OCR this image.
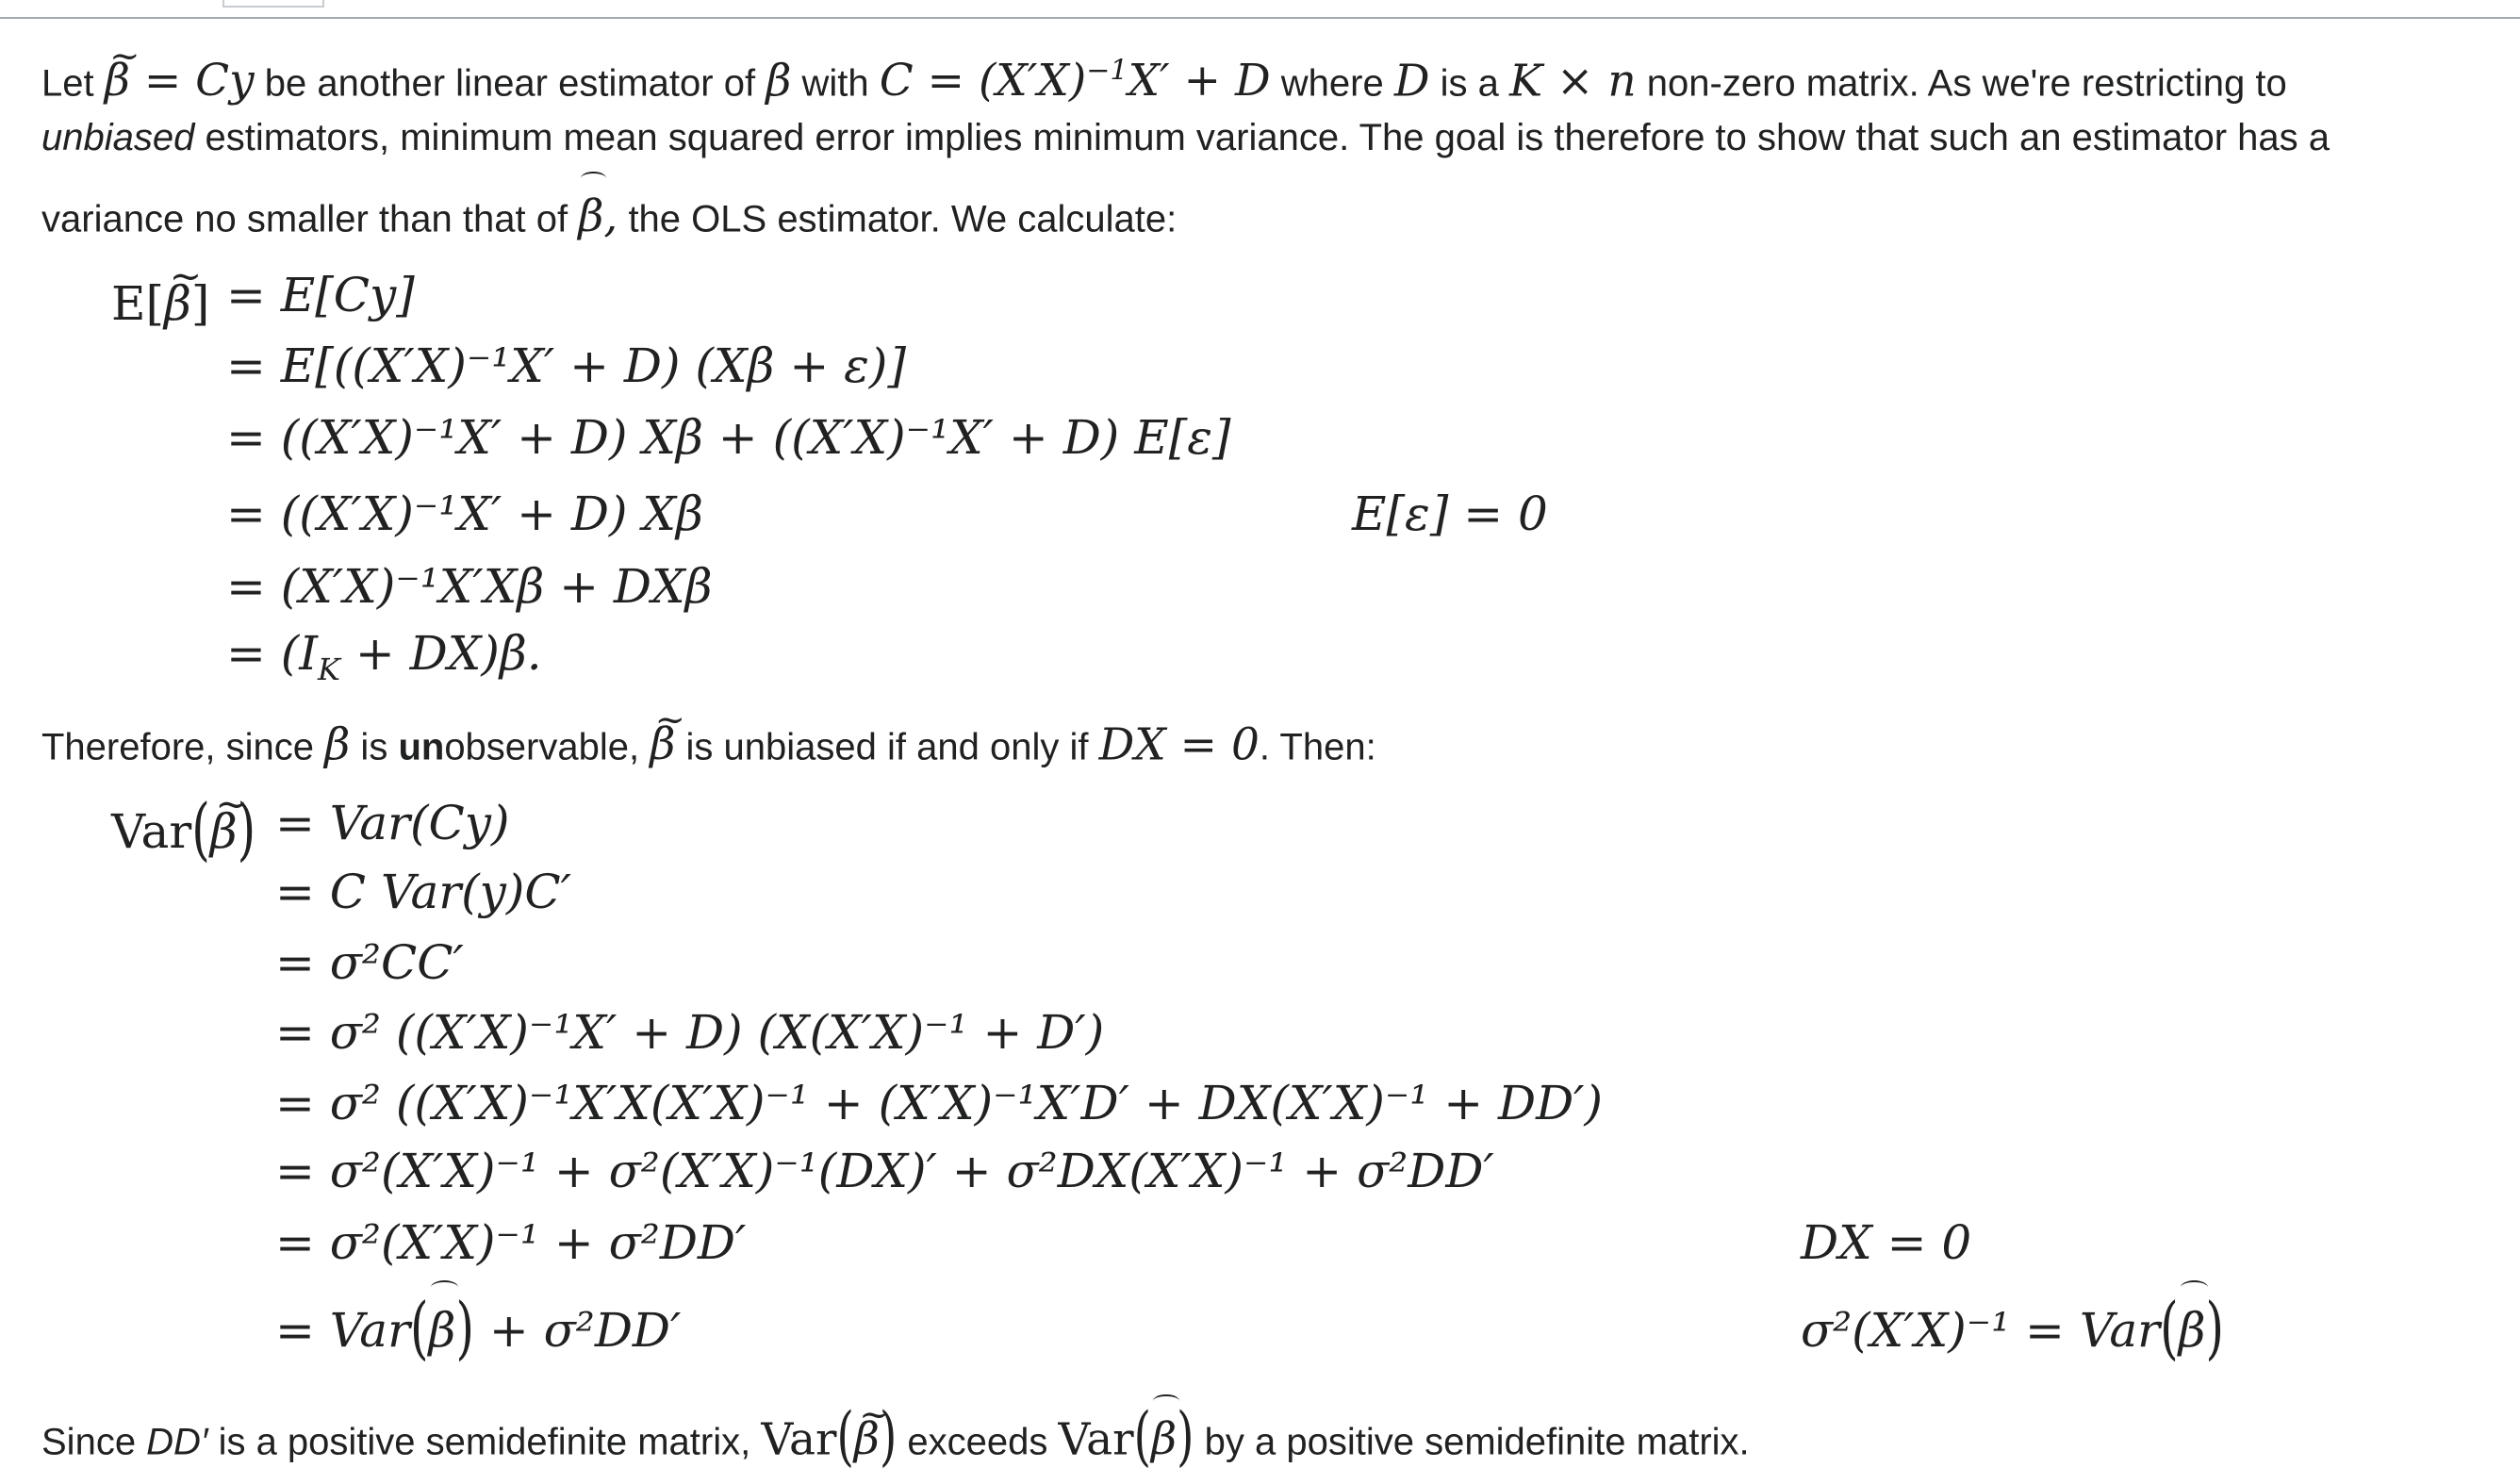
Let ~ β = Cy be another linear estimator of β with $C = (X'X)^{-1}X' + D$ where D is a K × n non-zero matrix. As we're restricting to
unbiased estimators, minimum mean squared error implies minimum variance. The goal is therefore to show that such an estimator has a
variance no smaller than that of β, the OLS estimator. We calculate:
E[~ β] = E[Cy]
= E[((X′X)⁻¹X′ + D) (Xβ + ε)]
= ((X′X)⁻¹X′ + D) Xβ + ((X′X)⁻¹X′ + D) E[ε]
= ((X′X)⁻¹X′ + D) Xβ	E[ε] = 0
= (X′X)⁻¹X′Xβ + DXβ
= $(I_K + DX)\beta$.
Therefore, since β is unobservable, ~ β is unbiased if and only if DX = 0. Then:
Var(~ β) = Var(Cy)
= C Var(y)C′
= σ²CC′
= σ² ((X′X)⁻¹X′ + D) (X(X′X)⁻¹ + D′)
= σ² ((X′X)⁻¹X′X(X′X)⁻¹ + (X′X)⁻¹X′D′ + DX(X′X)⁻¹ + DD′)
= σ²(X′X)⁻¹ + σ²(X′X)⁻¹(DX)′ + σ²DX(X′X)⁻¹ + σ²DD′
= σ²(X′X)⁻¹ + σ²DD′	DX = 0
= Var(β) + σ²DD′	σ²(X′X)⁻¹ = Var(β)
Since DD′ is a positive semidefinite matrix, Var(~ β) exceeds Var(β) by a positive semidefinite matrix.
